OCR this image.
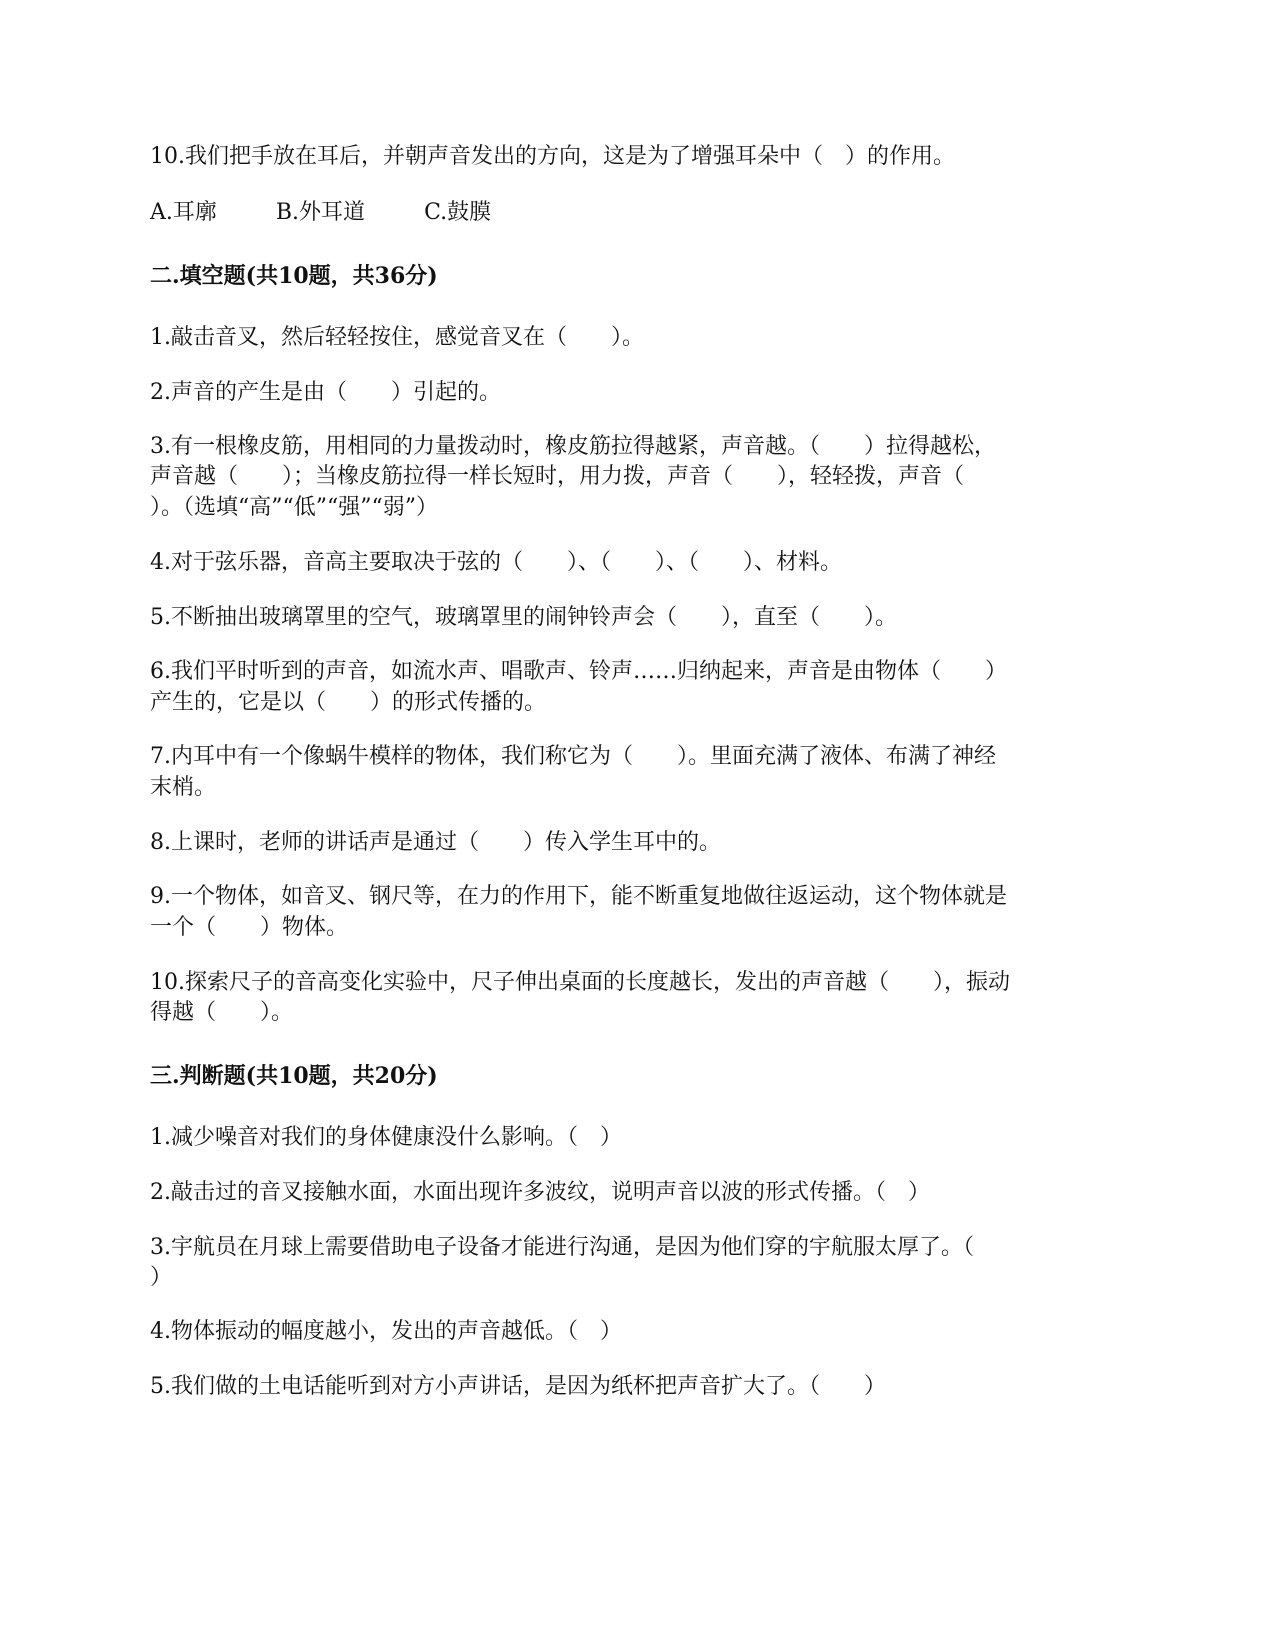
10.我们把手放在耳后，并朝声音发出的方向，这是为了增强耳朵中（　）的作用。
A.耳廓	B.外耳道	C.鼓膜
二.填空题(共10题，共36分)
1.敲击音叉，然后轻轻按住，感觉音叉在（　　）。
2.声音的产生是由（　　）引起的。
3.有一根橡皮筋，用相同的力量拨动时，橡皮筋拉得越紧，声音越。（　　）拉得越松，
声音越（　　）；当橡皮筋拉得一样长短时，用力拨，声音（　　），轻轻拨，声音（
）。（选填“高”“低”“强”“弱”）
4.对于弦乐器，音高主要取决于弦的（　　）、（　　）、（　　）、材料。
5.不断抽出玻璃罩里的空气，玻璃罩里的闹钟铃声会（　　），直至（　　）。
6.我们平时听到的声音，如流水声、唱歌声、铃声……归纳起来，声音是由物体（　　）
产生的，它是以（　　）的形式传播的。
7.内耳中有一个像蜗牛模样的物体，我们称它为（　　）。里面充满了液体、布满了神经
末梢。
8.上课时，老师的讲话声是通过（　　）传入学生耳中的。
9.一个物体，如音叉、钢尺等，在力的作用下，能不断重复地做往返运动，这个物体就是
一个（　　）物体。
10.探索尺子的音高变化实验中，尺子伸出桌面的长度越长，发出的声音越（　　），振动
得越（　　）。
三.判断题(共10题，共20分)
1.减少噪音对我们的身体健康没什么影响。（　）
2.敲击过的音叉接触水面，水面出现许多波纹，说明声音以波的形式传播。（　）
3.宇航员在月球上需要借助电子设备才能进行沟通，是因为他们穿的宇航服太厚了。（
）
4.物体振动的幅度越小，发出的声音越低。（　）
5.我们做的土电话能听到对方小声讲话，是因为纸杯把声音扩大了。（　　）
